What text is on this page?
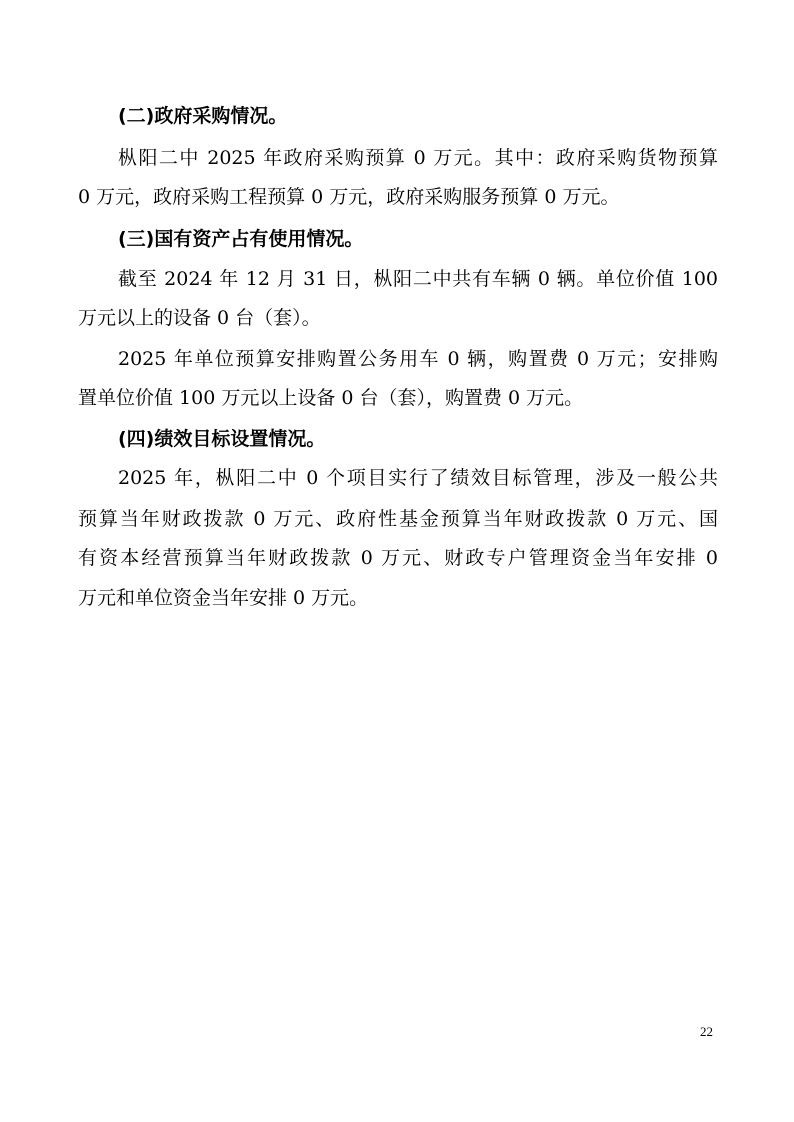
(二)政府采购情况。

枞阳二中 2025 年政府采购预算 0 万元。其中：政府采购货物预算

0 万元，政府采购工程预算 0 万元，政府采购服务预算 0 万元。

(三)国有资产占有使用情况。

截至 2024 年 12 月 31 日，枞阳二中共有车辆 0 辆。单位价值 100

万元以上的设备 0 台（套）。

2025 年单位预算安排购置公务用车 0 辆，购置费 0 万元；安排购

置单位价值 100 万元以上设备 0 台（套），购置费 0 万元。

(四)绩效目标设置情况。

2025 年，枞阳二中 0 个项目实行了绩效目标管理，涉及一般公共

预算当年财政拨款 0 万元、政府性基金预算当年财政拨款 0 万元、国

有资本经营预算当年财政拨款 0 万元、财政专户管理资金当年安排 0

万元和单位资金当年安排 0 万元。

22
